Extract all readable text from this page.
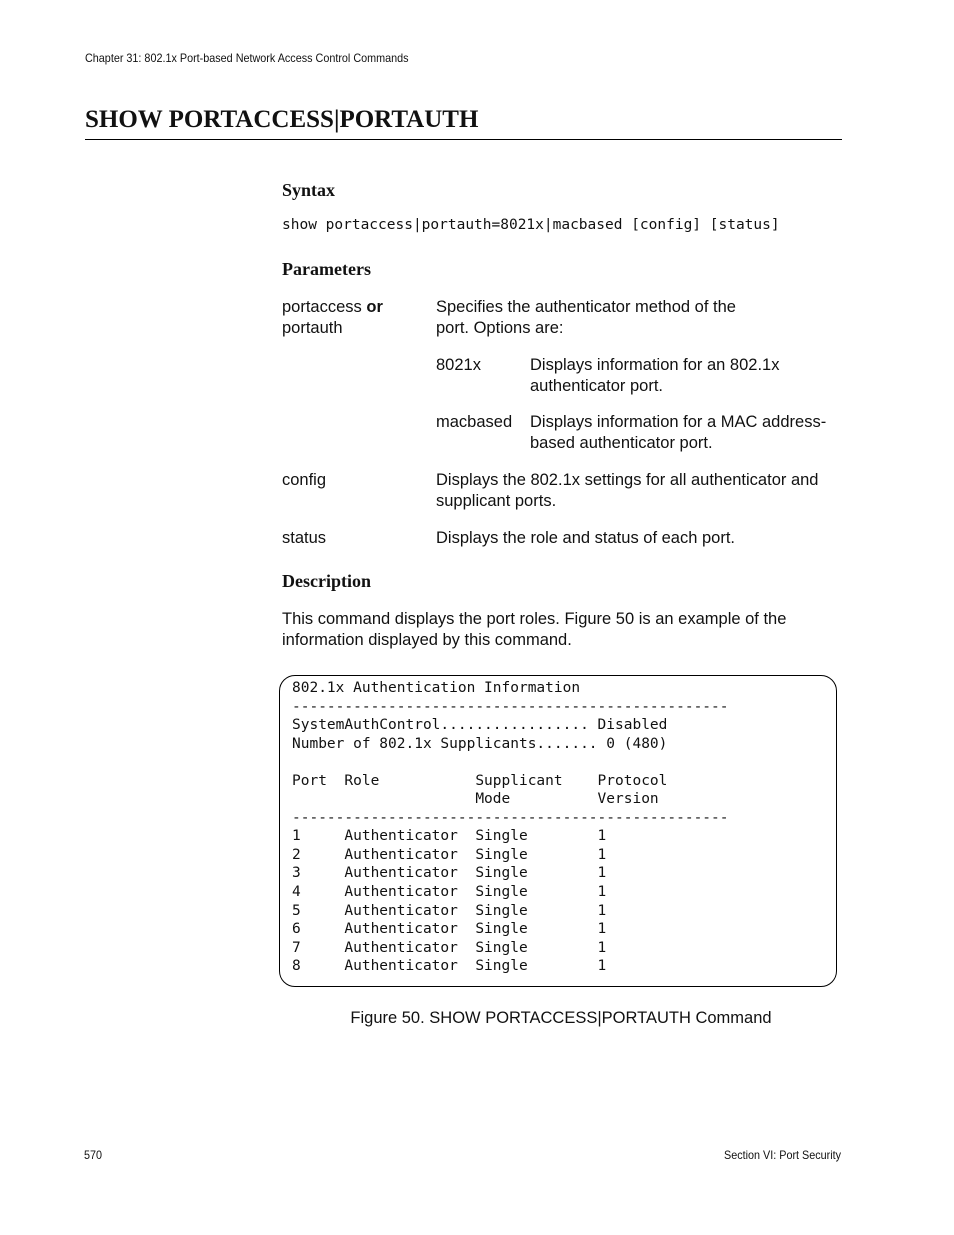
Chapter 31: 802.1x Port-based Network Access Control Commands
SHOW PORTACCESS|PORTAUTH
Syntax
show portaccess|portauth=8021x|macbased [config] [status]
Parameters
portaccess or
portauth
Specifies the authenticator method of the
port. Options are:
8021x	Displays information for an 802.1x
authenticator port.
macbased Displays information for a MAC address-
based authenticator port.
config	Displays the 802.1x settings for all authenticator and
supplicant ports.
status	Displays the role and status of each port.
Description
This command displays the port roles. Figure 50 is an example of the
information displayed by this command.
802.1x Authentication Information
--------------------------------------------------
SystemAuthControl................. Disabled
Number of 802.1x Supplicants....... 0 (480)
Port  Role           Supplicant    Protocol
Mode          Version
--------------------------------------------------
1     Authenticator  Single        1
2     Authenticator  Single        1
3     Authenticator  Single        1
4     Authenticator  Single        1
5     Authenticator  Single        1
6     Authenticator  Single        1
7     Authenticator  Single        1
8     Authenticator  Single        1
Figure 50. SHOW PORTACCESS|PORTAUTH Command
570	Section VI: Port Security
